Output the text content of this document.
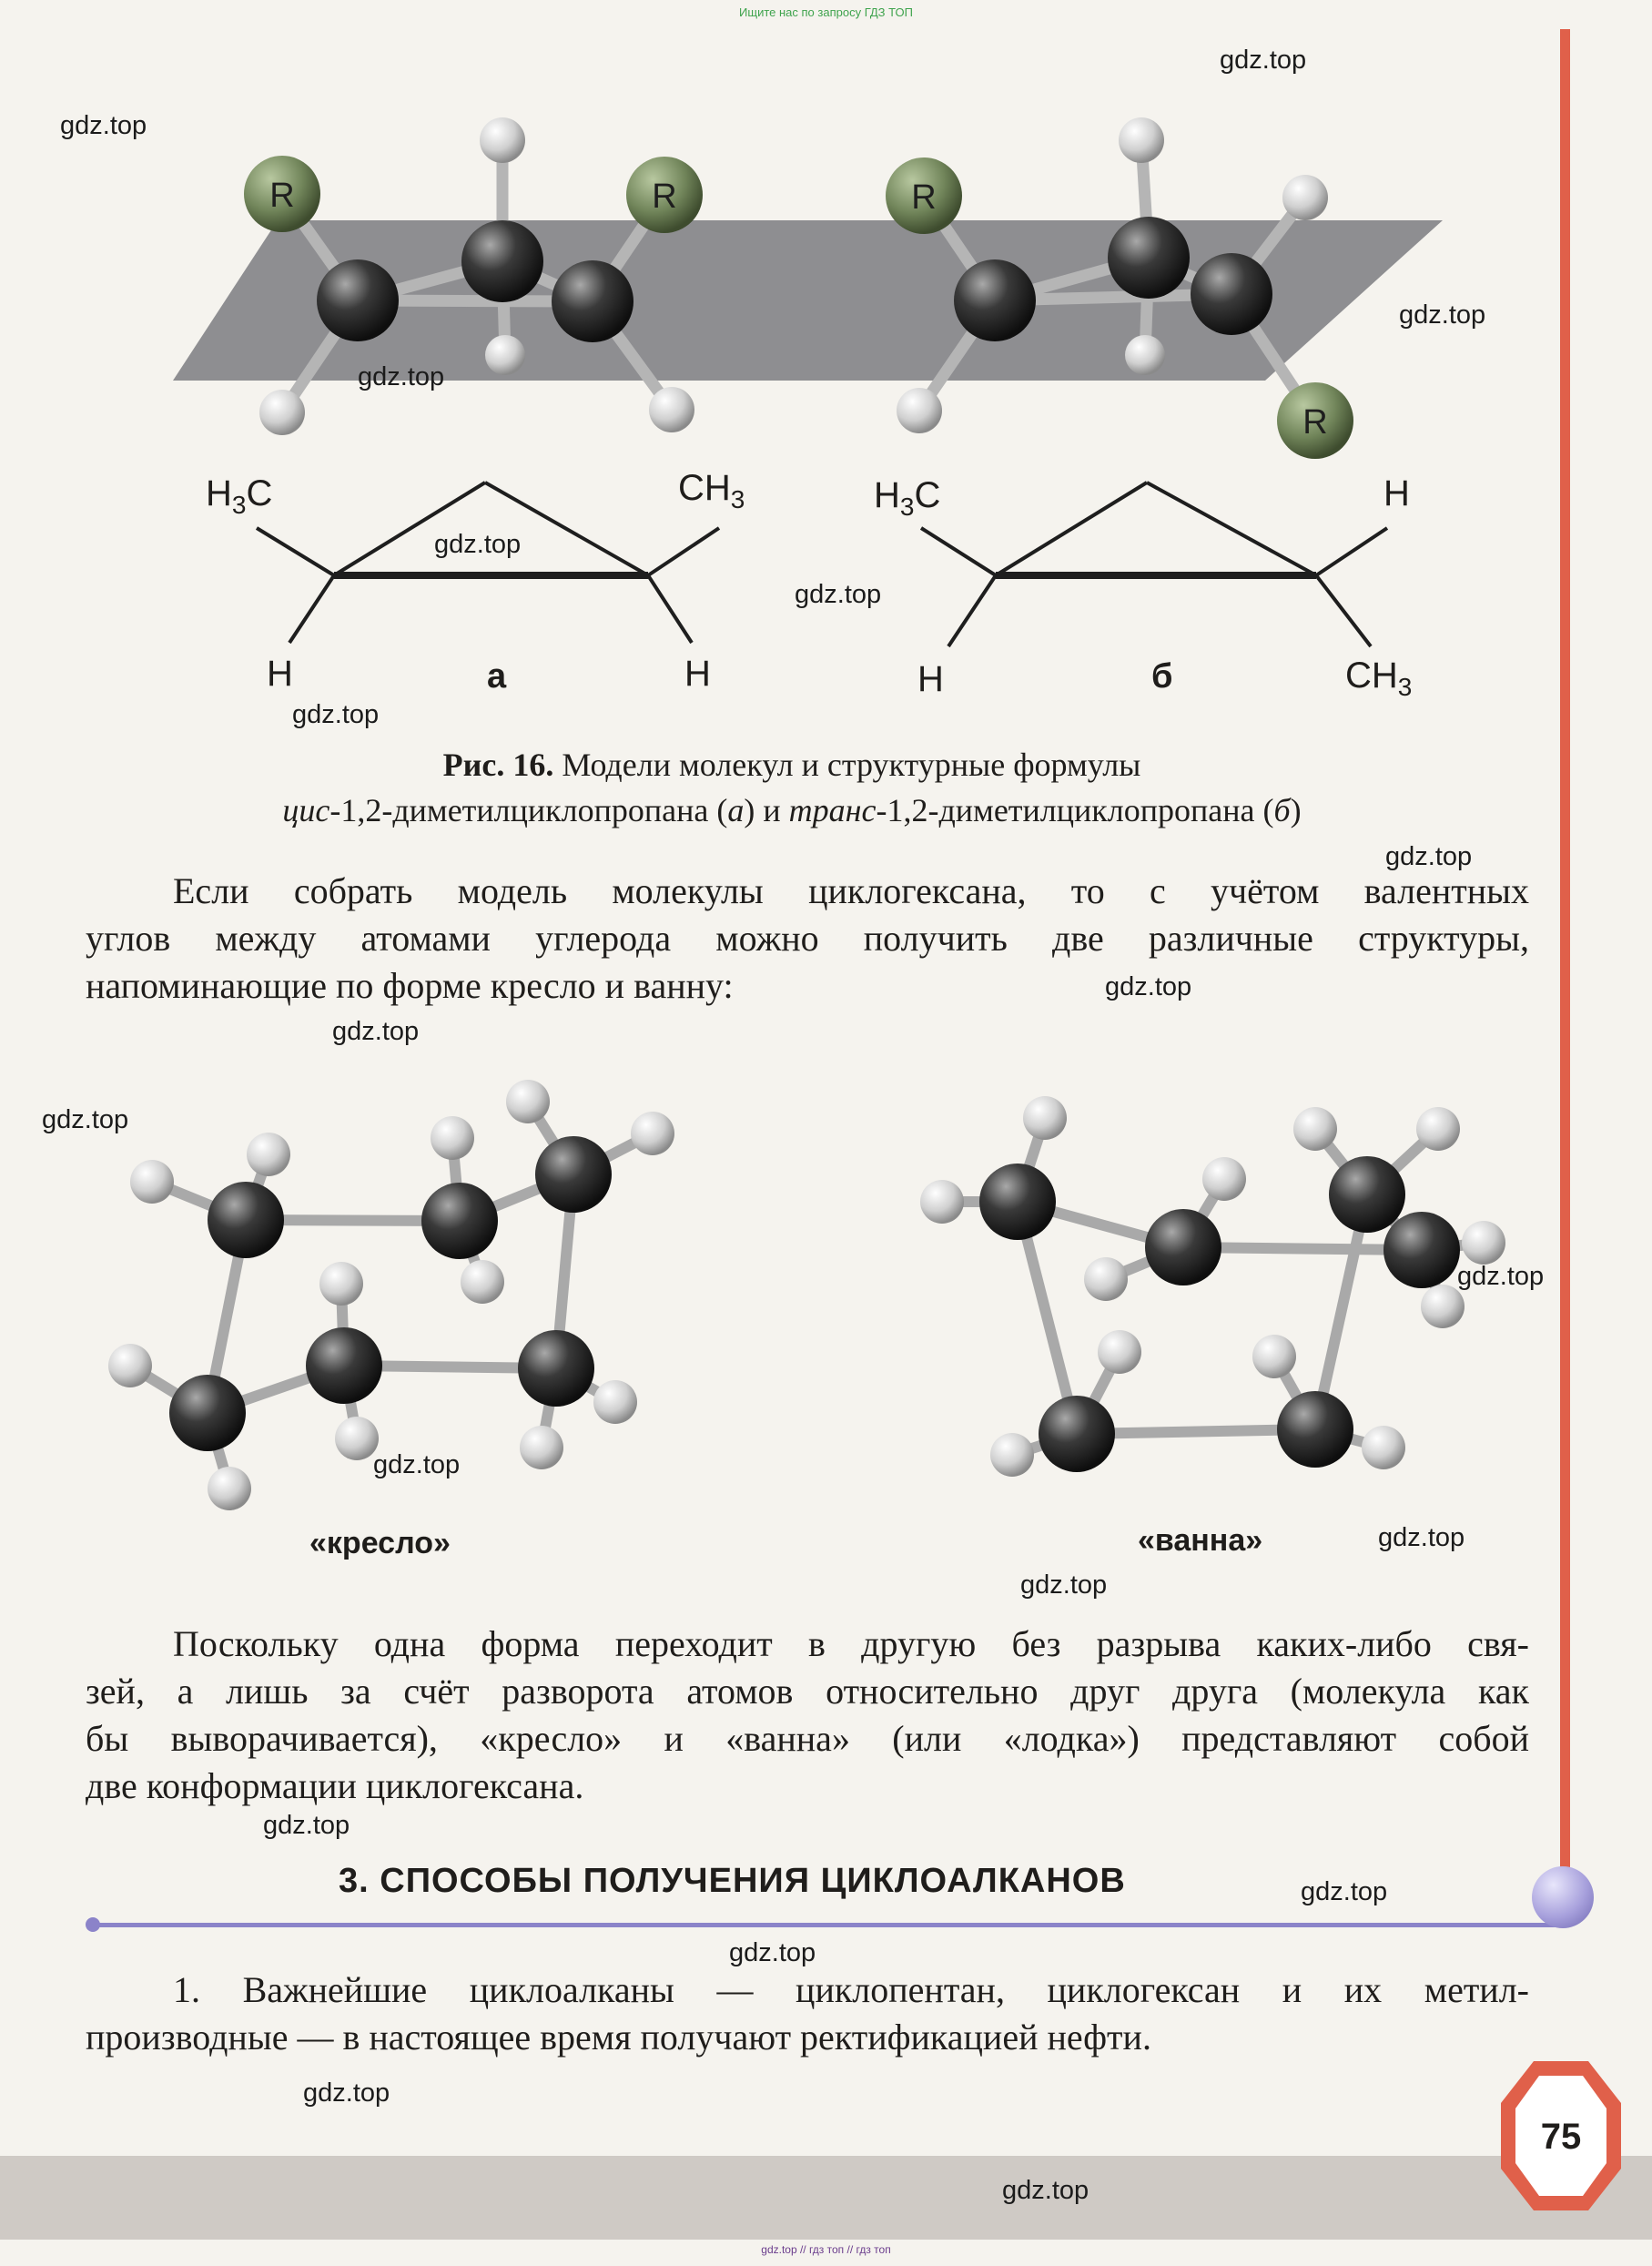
Ищите нас по запросу ГДЗ ТОП
gdz.top // гдз топ // гдз топ
R	R	R
R
$H_3C$	$CH_3$
H	H
а
$H_3C$	H
H	$CH_3$
б
Рис. 16. Модели молекул и структурные формулы
цис-1,2-диметилциклопропана (а) и транс-1,2-диметилциклопропана (б)
Если собрать модель молекулы циклогексана, то с учётом валентных
углов между атомами углерода можно получить две различные структуры,
напоминающие по форме кресло и ванну:
«кресло»	«ванна»
Поскольку одна форма переходит в другую без разрыва каких-либо свя-
зей, а лишь за счёт разворота атомов относительно друг друга (молекула как
бы выворачивается), «кресло» и «ванна» (или «лодка») представляют собой
две конформации циклогексана.
3. СПОСОБЫ ПОЛУЧЕНИЯ ЦИКЛОАЛКАНОВ
1. Важнейшие циклоалканы — циклопентан, циклогексан и их метил-
производные — в настоящее время получают ректификацией нефти.
75
gdz.top
gdz.top
gdz.top
gdz.top
gdz.top
gdz.top
gdz.top
gdz.top
gdz.top
gdz.top
gdz.top
gdz.top
gdz.top
gdz.top
gdz.top
gdz.top
gdz.top
gdz.top
gdz.top
gdz.top
